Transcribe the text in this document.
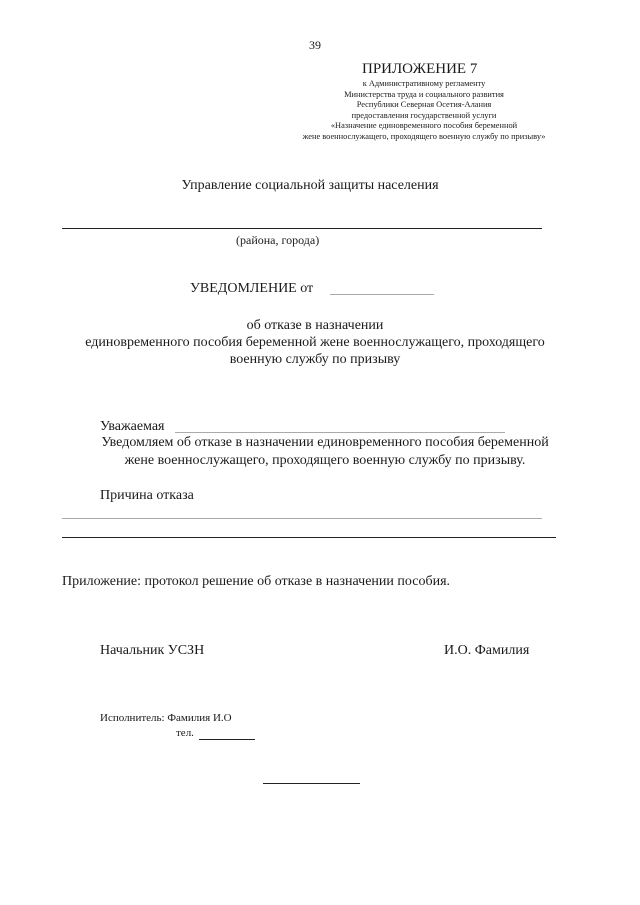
39
ПРИЛОЖЕНИЕ 7
к Административному регламенту
Министерства труда и социального развития
Республики Северная Осетия-Алания
предоставления государственной услуги
«Назначение единовременного пособия беременной
жене военнослужащего, проходящего военную службу по призыву»
Управление социальной защиты населения
(района, города)
УВЕДОМЛЕНИЕ от
об отказе в назначении
единовременного пособия беременной жене военнослужащего, проходящего
военную службу по призыву
Уважаемая
Уведомляем об отказе в назначении единовременного пособия беременной
жене военнослужащего, проходящего военную службу по призыву.
Причина отказа
Приложение: протокол решение об отказе в назначении пособия.
Начальник УСЗН	И.О. Фамилия
Исполнитель: Фамилия И.О
тел.
